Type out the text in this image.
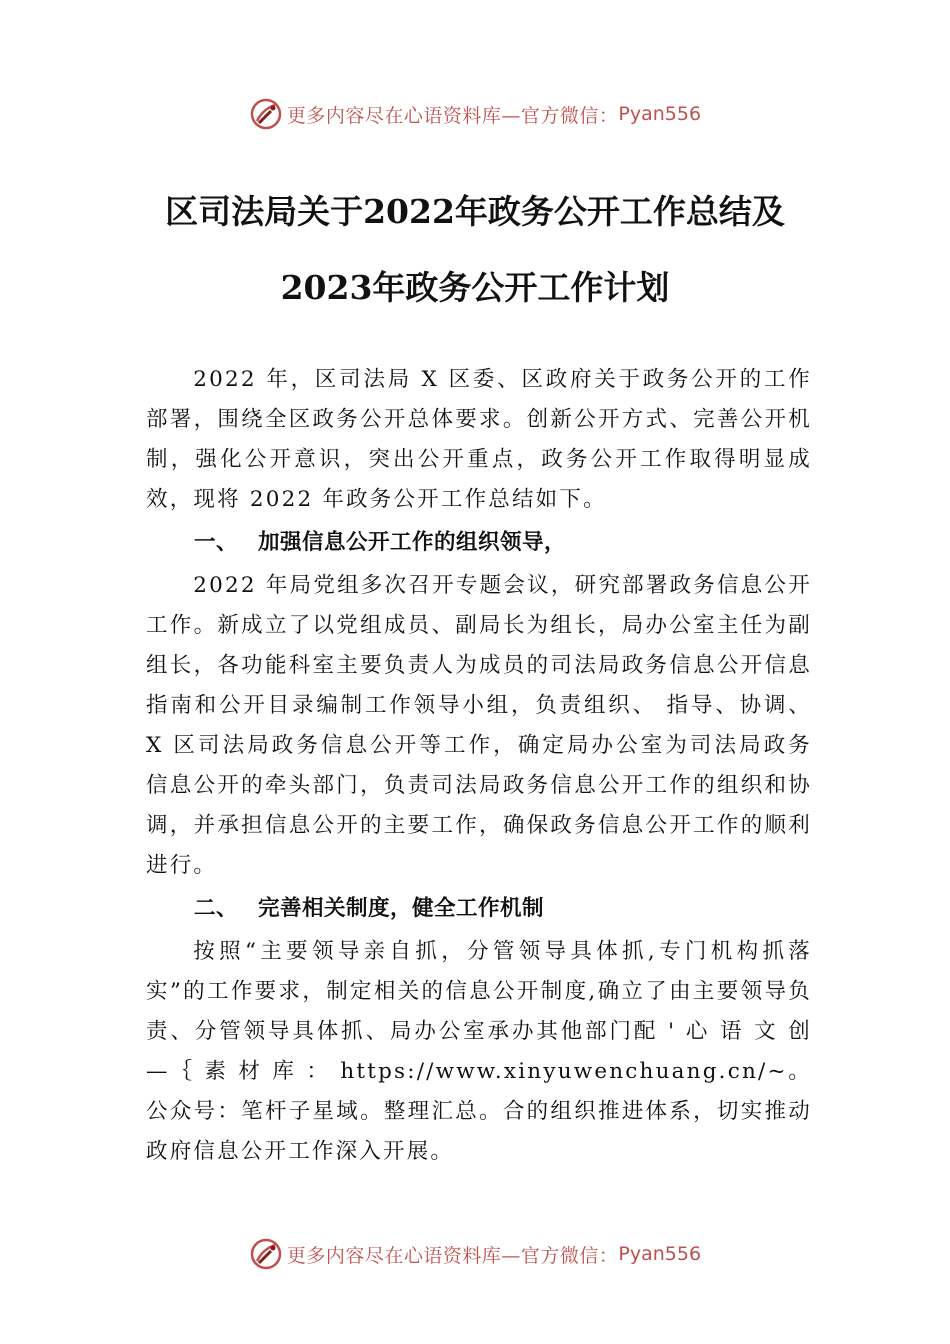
更多内容尽在心语资料库—官方微信： Pyan556
区司法局关于2022年政务公开工作总结及
2023年政务公开工作计划

2022 年，区司法局 X 区委、区政府关于政务公开的工作部署，围绕全区政务公开总体要求。创新公开方式、完善公开机制，强化公开意识，突出公开重点，政务公开工作取得明显成效，现将 2022 年政务公开工作总结如下。

一、 加强信息公开工作的组织领导，

2022 年局党组多次召开专题会议，研究部署政务信息公开工作。新成立了以党组成员、副局长为组长，局办公室主任为副组长，各功能科室主要负责人为成员的司法局政务信息公开信息指南和公开目录编制工作领导小组，负责组织、 指导、协调、X 区司法局政务信息公开等工作，确定局办公室为司法局政务信息公开的牵头部门，负责司法局政务信息公开工作的组织和协调，并承担信息公开的主要工作，确保政务信息公开工作的顺利进行。

二、 完善相关制度，健全工作机制

按照“主要领导亲自抓，分管领导具体抓,专门机构抓落实”的工作要求，制定相关的信息公开制度,确立了由主要领导负责、分管领导具体抓、局办公室承办其他部门配 ' 心 语 文 创 —｛ 素 材 库 ： https://www.xinyuwenchuang.cn/~。公众号：笔杆子星域。整理汇总。合的组织推进体系，切实推动政府信息公开工作深入开展。

更多内容尽在心语资料库—官方微信： Pyan556
